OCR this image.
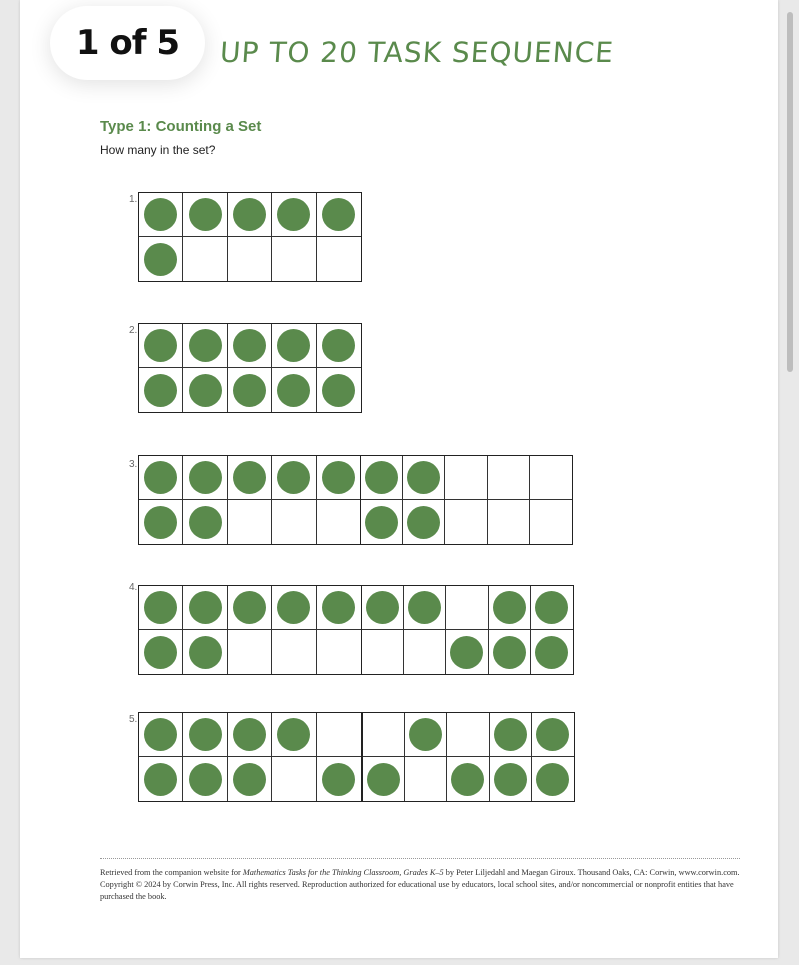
UP TO 20 TASK SEQUENCE
Type 1: Counting a Set
How many in the set?
1.
2.
3.
4.
5.
Retrieved from the companion website for Mathematics Tasks for the Thinking Classroom, Grades K–5 by Peter Liljedahl and Maegan Giroux. Thousand Oaks, CA: Corwin, www.corwin.com. Copyright © 2024 by Corwin Press, Inc. All rights reserved. Reproduction authorized for educational use by educators, local school sites, and/or noncommercial or nonprofit entities that have purchased the book.
1 of 5
